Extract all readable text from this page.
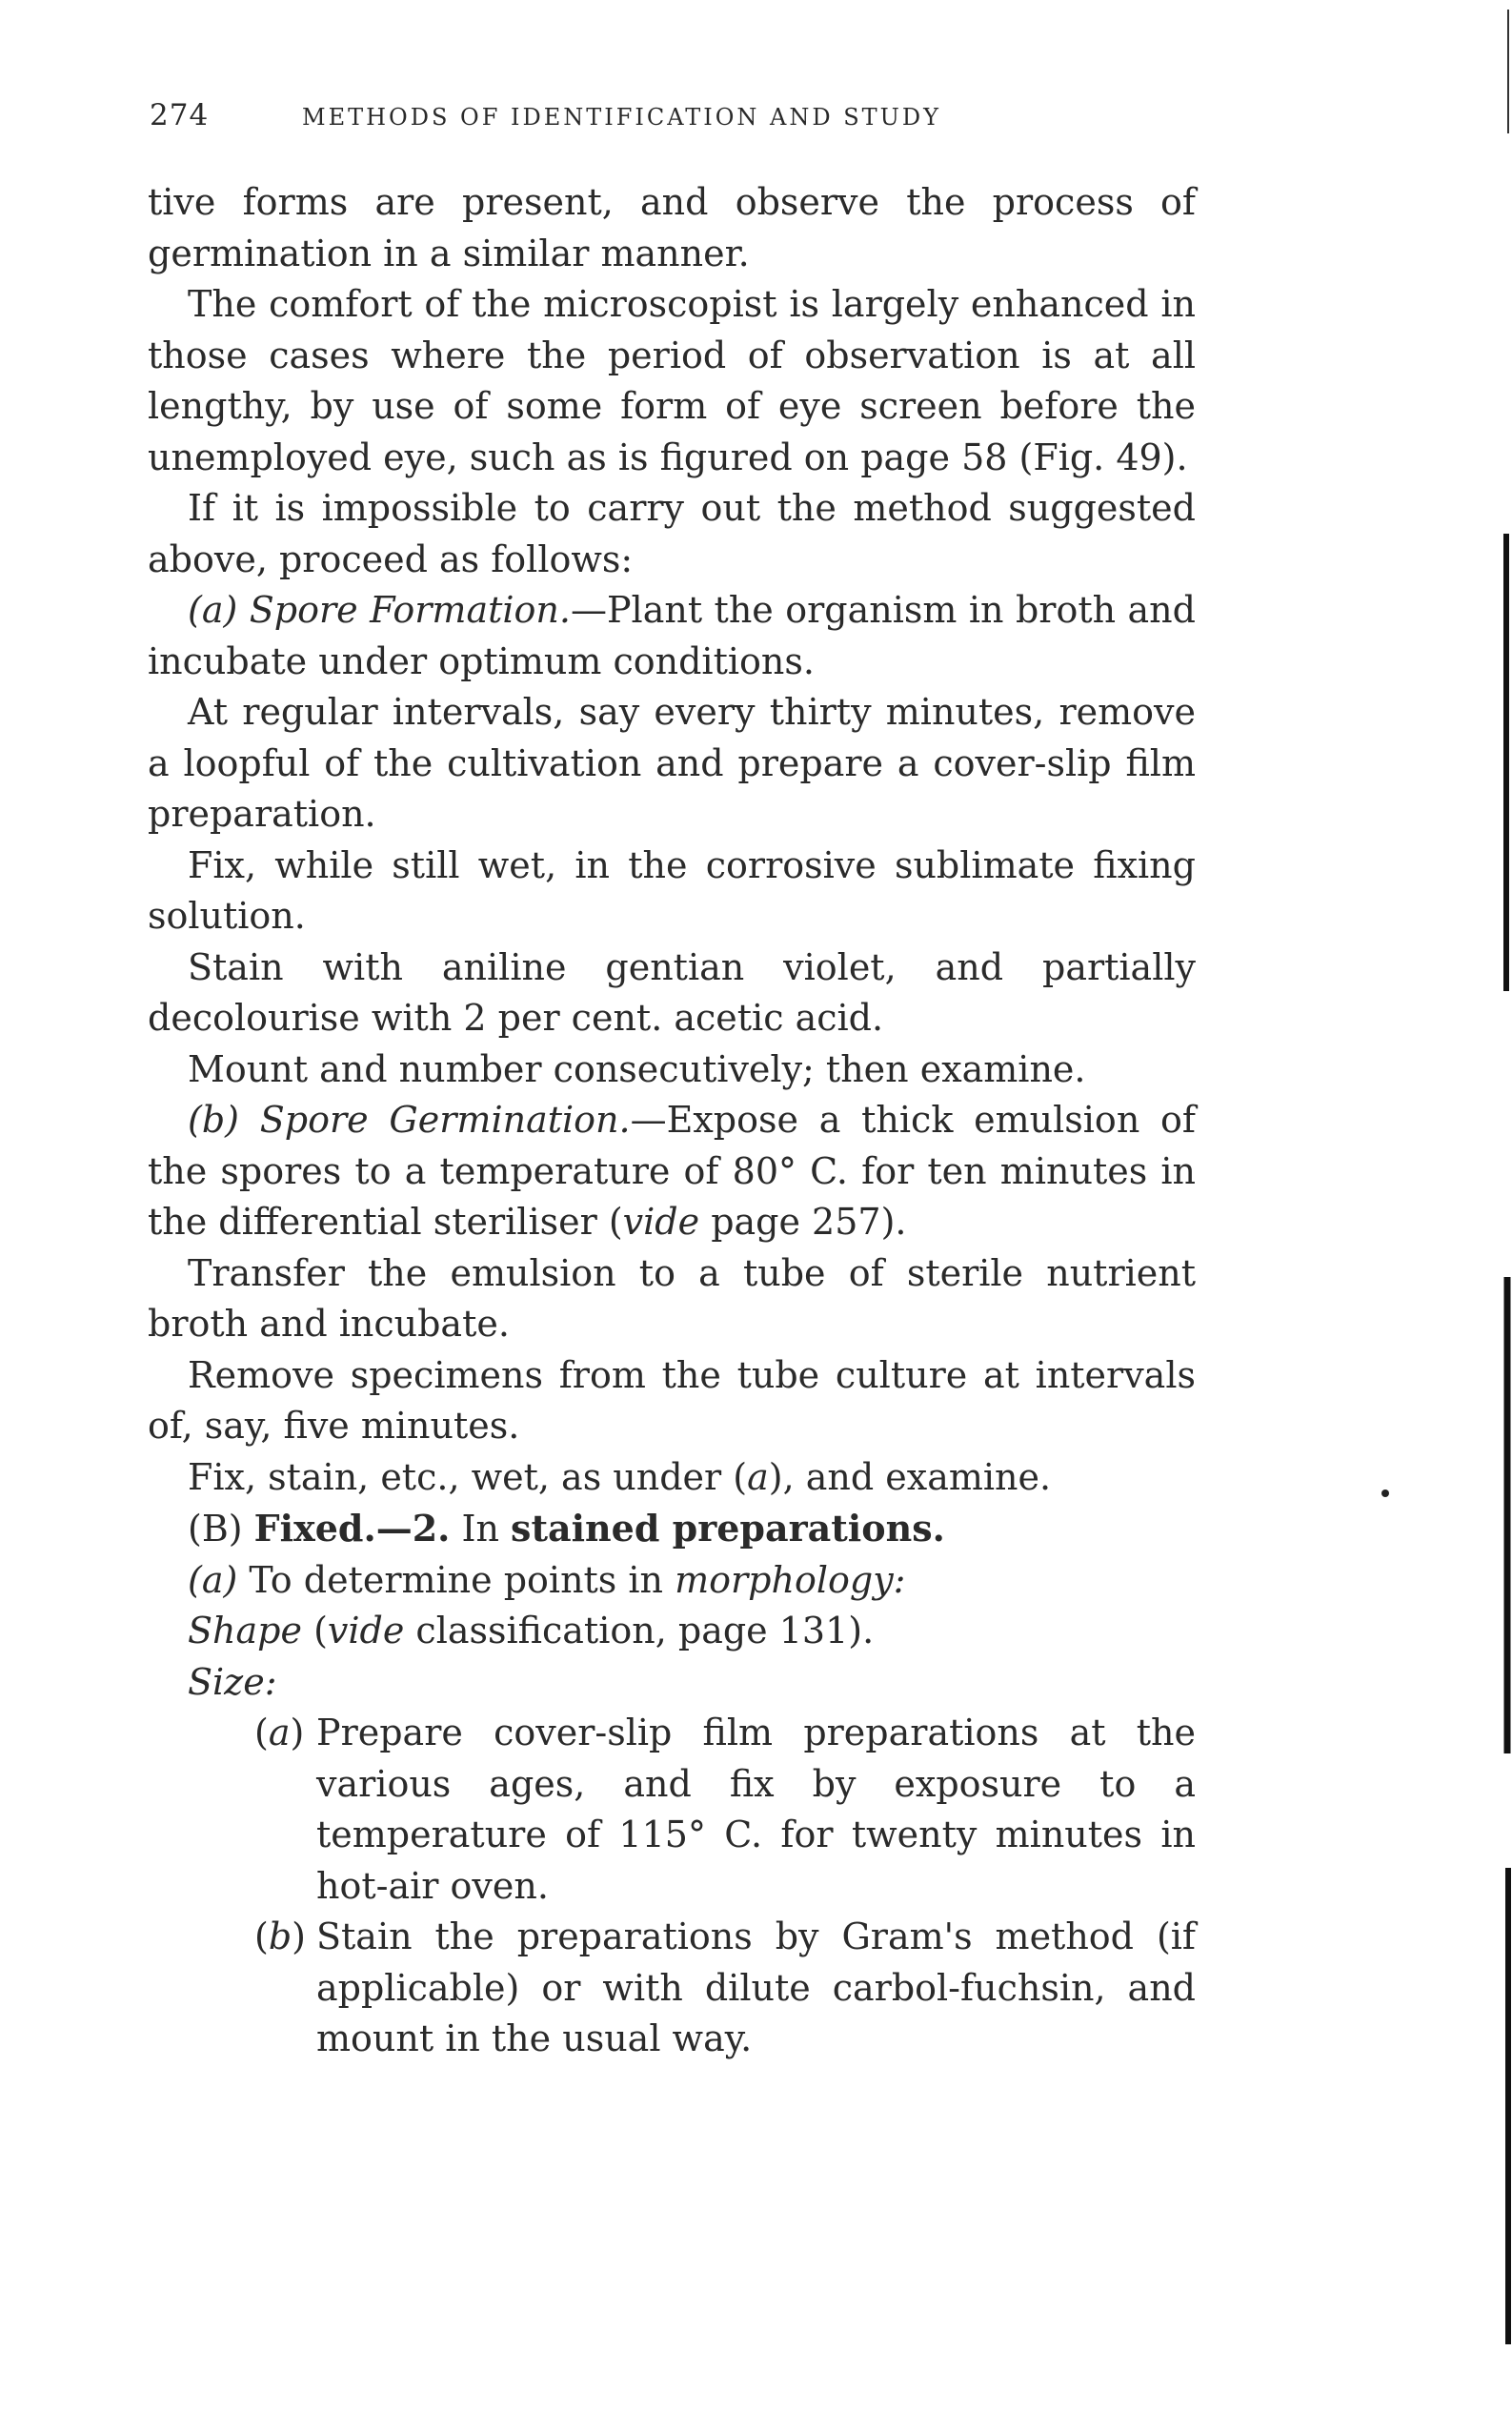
274	METHODS OF IDENTIFICATION AND STUDY

tive forms are present, and observe the process of germination in a similar manner.

The comfort of the microscopist is largely enhanced in those cases where the period of observation is at all lengthy, by use of some form of eye screen before the unemployed eye, such as is figured on page 58 (Fig. 49).

If it is impossible to carry out the method suggested above, proceed as follows:

(a) Spore Formation.—Plant the organism in broth and incubate under optimum conditions.

At regular intervals, say every thirty minutes, remove a loopful of the cultivation and prepare a cover-slip film preparation.

Fix, while still wet, in the corrosive sublimate fixing solution.

Stain with aniline gentian violet, and partially decolourise with 2 per cent. acetic acid.

Mount and number consecutively; then examine.

(b) Spore Germination.—Expose a thick emulsion of the spores to a temperature of 80° C. for ten minutes in the differential steriliser (vide page 257).

Transfer the emulsion to a tube of sterile nutrient broth and incubate.

Remove specimens from the tube culture at intervals of, say, five minutes.

Fix, stain, etc., wet, as under (a), and examine.

(B) Fixed.—2. In stained preparations.

(a) To determine points in morphology:

Shape (vide classification, page 131).

Size:

(a) Prepare cover-slip film preparations at the various ages, and fix by exposure to a temperature of 115° C. for twenty minutes in hot-air oven.
(b) Stain the preparations by Gram's method (if applicable) or with dilute carbol-fuchsin, and mount in the usual way.
